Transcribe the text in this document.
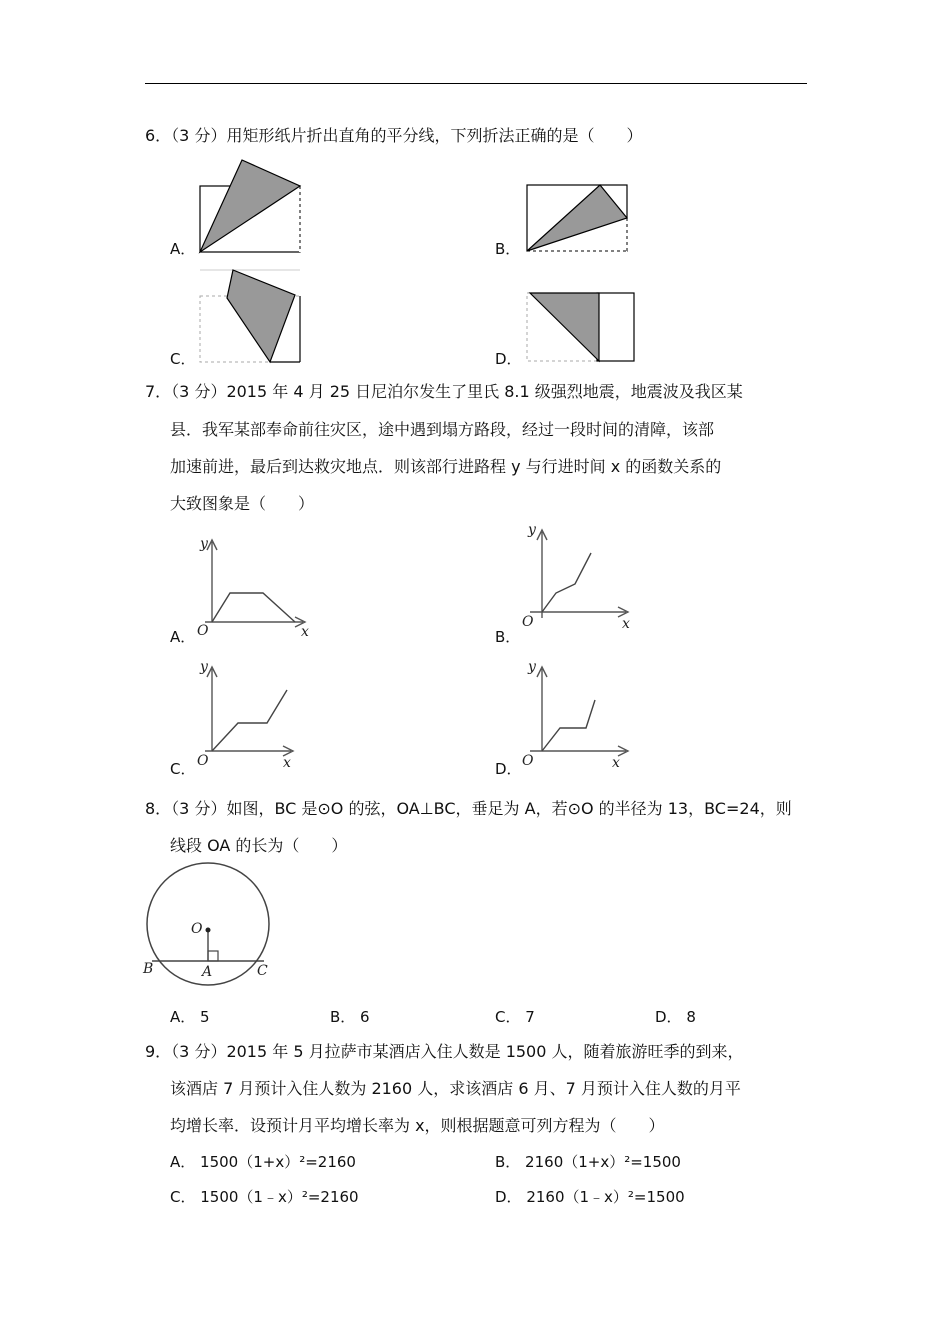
6．（3 分）用矩形纸片折出直角的平分线，下列折法正确的是（　　）
A．	B．
C．	D．
7．（3 分）2015 年 4 月 25 日尼泊尔发生了里氏 8.1 级强烈地震，地震波及我区某
县．我军某部奉命前往灾区，途中遇到塌方路段，经过一段时间的清障，该部
加速前进，最后到达救灾地点．则该部行进路程 y 与行进时间 x 的函数关系的
大致图象是（　　）
A．
y
O	x	B．
y
O	x
C．
y
O	x	D．
y
O	x
8．（3 分）如图，BC 是⊙O 的弦，OA⊥BC，垂足为 A，若⊙O 的半径为 13，BC=24，则
线段 OA 的长为（　　）
O
A
B	C
A． 5	B． 6	C． 7	D． 8
9．（3 分）2015 年 5 月拉萨市某酒店入住人数是 1500 人，随着旅游旺季的到来，
该酒店 7 月预计入住人数为 2160 人，求该酒店 6 月、7 月预计入住人数的月平
均增长率．设预计月平均增长率为 x，则根据题意可列方程为（　　）
A． 1500（1+x）²=2160	B． 2160（1+x）²=1500
C． 1500（1﹣x）²=2160	D． 2160（1﹣x）²=1500
